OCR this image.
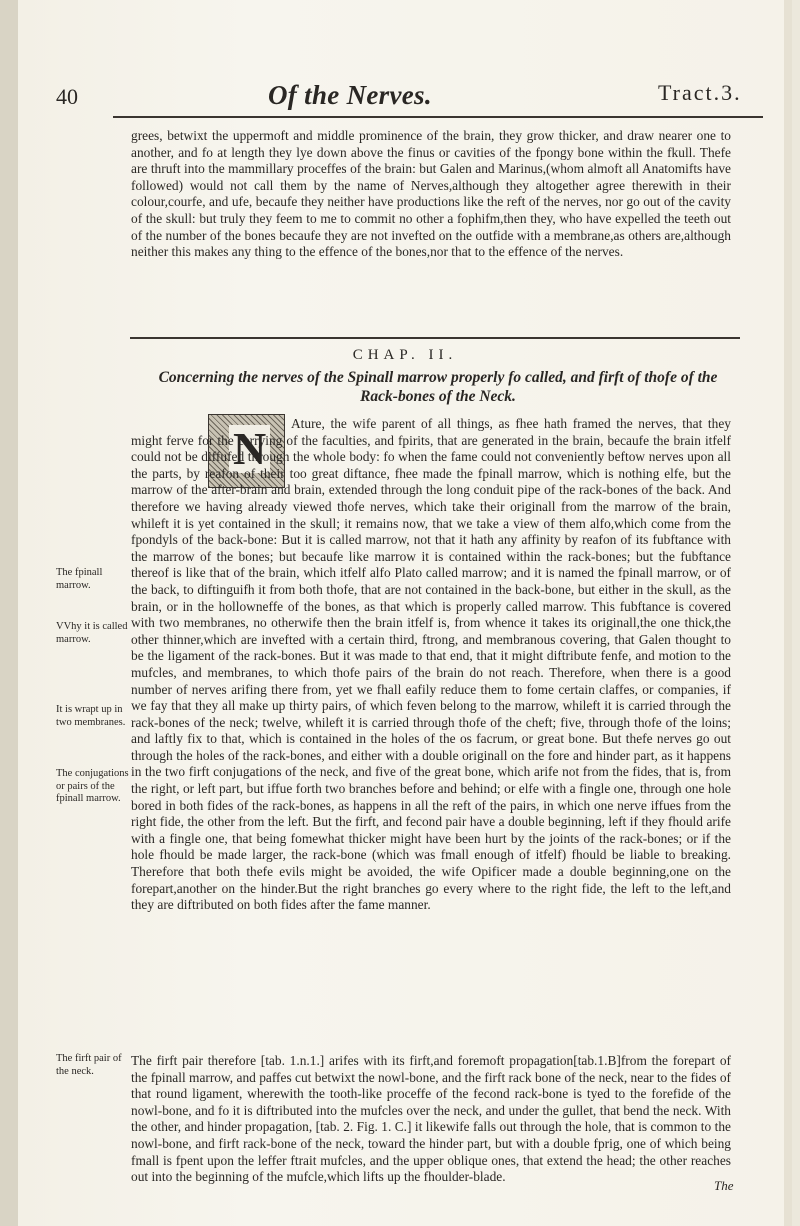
40	Of the Nerves.	Tract.3.
grees, betwixt the uppermoft and middle prominence of the brain, they grow thicker, and draw nearer one to another, and fo at length they lye down above the finus or cavities of the fpongy bone within the fkull. Thefe are thruft into the mammillary proceffes of the brain: but Galen and Marinus,(whom almoft all Anatomifts have followed) would not call them by the name of Nerves,although they altogether agree therewith in their colour,courfe, and ufe, becaufe they neither have productions like the reft of the nerves, nor go out of the cavity of the skull: but truly they feem to me to commit no other a fophifm,then they, who have expelled the teeth out of the number of the bones becaufe they are not invefted on the outfide with a membrane,as others are,although neither this makes any thing to the effence of the bones,nor that to the effence of the nerves.
CHAP. II.
Concerning the nerves of the Spinall marrow properly fo called, and firft of thofe of the Rack-bones of the Neck.
N
The fpinall marrow.
VVhy it is called marrow.
It is wrapt up in two membranes.
The conjugations or pairs of the fpinall marrow.
The firft pair of the neck.
Ature, the wife parent of all things, as fhee hath framed the nerves, that they might ferve for the carrying of the faculties, and fpirits, that are generated in the brain, becaufe the brain itfelf could not be diffufed through the whole body: fo when the fame could not conveniently beftow nerves upon all the parts, by reafon of their too great diftance, fhee made the fpinall marrow, which is nothing elfe, but the marrow of the after-brain and brain, extended through the long conduit pipe of the rack-bones of the back. And therefore we having already viewed thofe nerves, which take their originall from the marrow of the brain, whileft it is yet contained in the skull; it remains now, that we take a view of them alfo,which come from the fpondyls of the back-bone: But it is called marrow, not that it hath any affinity by reafon of its fubftance with the marrow of the bones; but becaufe like marrow it is contained within the rack-bones; but the fubftance thereof is like that of the brain, which itfelf alfo Plato called marrow; and it is named the fpinall marrow, or of the back, to diftinguifh it from both thofe, that are not contained in the back-bone, but either in the skull, as the brain, or in the hollowneffe of the bones, as that which is properly called marrow. This fubftance is covered with two membranes, no otherwife then the brain itfelf is, from whence it takes its originall,the one thick,the other thinner,which are invefted with a certain third, ftrong, and membranous covering, that Galen thought to be the ligament of the rack-bones. But it was made to that end, that it might diftribute fenfe, and motion to the mufcles, and membranes, to which thofe pairs of the brain do not reach. Therefore, when there is a good number of nerves arifing there from, yet we fhall eafily reduce them to fome certain claffes, or companies, if we fay that they all make up thirty pairs, of which feven belong to the marrow, whileft it is carried through the rack-bones of the neck; twelve, whileft it is carried through thofe of the cheft; five, through thofe of the loins; and laftly fix to that, which is contained in the holes of the os facrum, or great bone. But thefe nerves go out through the holes of the rack-bones, and either with a double originall on the fore and hinder part, as it happens in the two firft conjugations of the neck, and five of the great bone, which arife not from the fides, that is, from the right, or left part, but iffue forth two branches before and behind; or elfe with a fingle one, through one hole bored in both fides of the rack-bones, as happens in all the reft of the pairs, in which one nerve iffues from the right fide, the other from the left. But the firft, and fecond pair have a double beginning, left if they fhould arife with a fingle one, that being fomewhat thicker might have been hurt by the joints of the rack-bones; or if the hole fhould be made larger, the rack-bone (which was fmall enough of itfelf) fhould be liable to breaking. Therefore that both thefe evils might be avoided, the wife Opificer made a double beginning,one on the forepart,another on the hinder.But the right branches go every where to the right fide, the left to the left,and they are diftributed on both fides after the fame manner.
The firft pair therefore [tab. 1.n.1.] arifes with its firft,and foremoft propagation[tab.1.B]from the forepart of the fpinall marrow, and paffes cut betwixt the nowl-bone, and the firft rack bone of the neck, near to the fides of that round ligament, wherewith the tooth-like proceffe of the fecond rack-bone is tyed to the forefide of the nowl-bone, and fo it is diftributed into the mufcles over the neck, and under the gullet, that bend the neck. With the other, and hinder propagation, [tab. 2. Fig. 1. C.] it likewife falls out through the hole, that is common to the nowl-bone, and firft rack-bone of the neck, toward the hinder part, but with a double fprig, one of which being fmall is fpent upon the leffer ftrait mufcles, and the upper oblique ones, that extend the head; the other reaches out into the beginning of the mufcle,which lifts up the fhoulder-blade.
The
